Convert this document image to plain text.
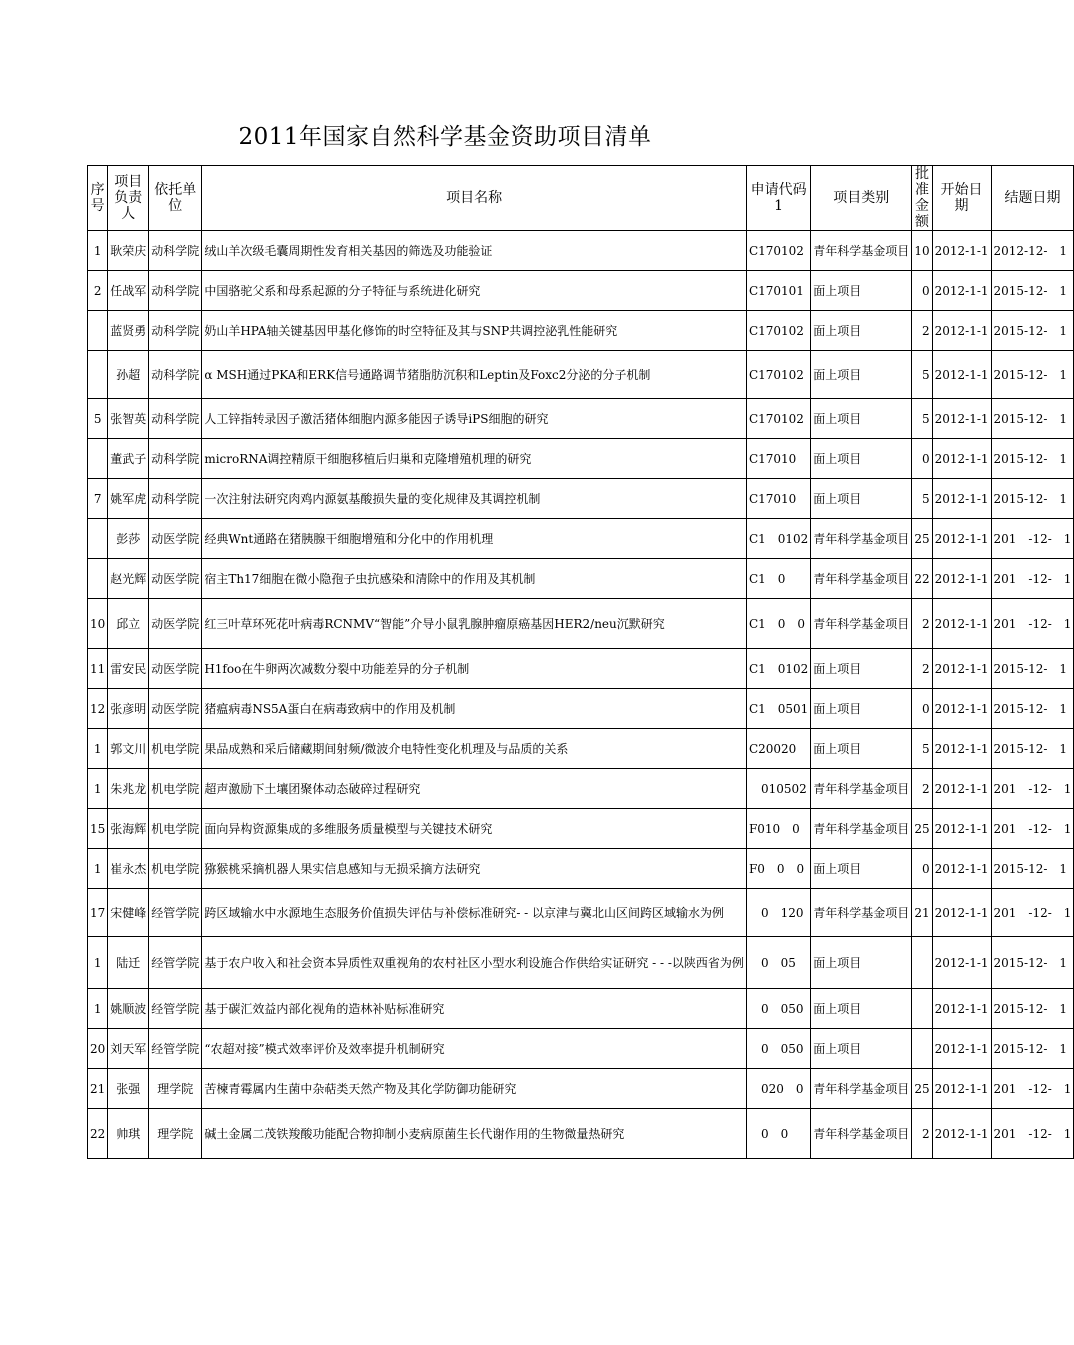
2011年国家自然科学基金资助项目清单
序号	项目负责人	依托单位	项目名称	申请代码1	项目类别	批准金额	开始日期	结题日期
1	耿荣庆	动科学院	绒山羊次级毛囊周期性发育相关基因的筛选及功能验证	C170102	青年科学基金项目	10	2012-1-1	2012-12-　1
2	任战军	动科学院	中国骆驼父系和母系起源的分子特征与系统进化研究	C170101	面上项目	0	2012-1-1	2015-12-　1
	蓝贤勇	动科学院	奶山羊HPA轴关键基因甲基化修饰的时空特征及其与SNP共调控泌乳性能研究	C170102	面上项目	2	2012-1-1	2015-12-　1
	孙超	动科学院	α MSH通过PKA和ERK信号通路调节猪脂肪沉积和Leptin及Foxc2分泌的分子机制	C170102	面上项目	5	2012-1-1	2015-12-　1
5	张智英	动科学院	人工锌指转录因子激活猪体细胞内源多能因子诱导iPS细胞的研究	C170102	面上项目	5	2012-1-1	2015-12-　1
	董武子	动科学院	microRNA调控精原干细胞移植后归巢和克隆增殖机理的研究	C17010	面上项目	0	2012-1-1	2015-12-　1
7	姚军虎	动科学院	一次注射法研究肉鸡内源氨基酸损失量的变化规律及其调控机制	C17010	面上项目	5	2012-1-1	2015-12-　1
	彭莎	动医学院	经典Wnt通路在猪胰腺干细胞增殖和分化中的作用机理	C1　0102	青年科学基金项目	25	2012-1-1	201　-12-　1
	赵光辉	动医学院	宿主Th17细胞在微小隐孢子虫抗感染和清除中的作用及其机制	C1　0	青年科学基金项目	22	2012-1-1	201　-12-　1
10	邱立	动医学院	红三叶草环死花叶病毒RCNMV“智能”介导小鼠乳腺肿瘤原癌基因HER2/neu沉默研究	C1　0　0	青年科学基金项目	2	2012-1-1	201　-12-　1
11	雷安民	动医学院	H1foo在牛卵两次减数分裂中功能差异的分子机制	C1　0102	面上项目	2	2012-1-1	2015-12-　1
12	张彦明	动医学院	猪瘟病毒NS5A蛋白在病毒致病中的作用及机制	C1　0501	面上项目	0	2012-1-1	2015-12-　1
1	郭文川	机电学院	果品成熟和采后储藏期间射频/微波介电特性变化机理及与品质的关系	C20020	面上项目	5	2012-1-1	2015-12-　1
1	朱兆龙	机电学院	超声激励下土壤团聚体动态破碎过程研究	　010502	青年科学基金项目	2	2012-1-1	201　-12-　1
15	张海辉	机电学院	面向异构资源集成的多维服务质量模型与关键技术研究	F010　0	青年科学基金项目	25	2012-1-1	201　-12-　1
1	崔永杰	机电学院	猕猴桃采摘机器人果实信息感知与无损采摘方法研究	F0　0　0	面上项目	0	2012-1-1	2015-12-　1
17	宋健峰	经管学院	跨区域输水中水源地生态服务价值损失评估与补偿标准研究- - 以京津与冀北山区间跨区域输水为例	　0　120	青年科学基金项目	21	2012-1-1	201　-12-　1
1	陆迁	经管学院	基于农户收入和社会资本异质性双重视角的农村社区小型水利设施合作供给实证研究 - - -以陕西省为例	　0　05	面上项目		2012-1-1	2015-12-　1
1	姚顺波	经管学院	基于碳汇效益内部化视角的造林补贴标准研究	　0　050	面上项目		2012-1-1	2015-12-　1
20	刘天军	经管学院	“农超对接”模式效率评价及效率提升机制研究	　0　050	面上项目		2012-1-1	2015-12-　1
21	张强	理学院	苦楝青霉属内生菌中杂萜类天然产物及其化学防御功能研究	　020　0	青年科学基金项目	25	2012-1-1	201　-12-　1
22	帅琪	理学院	碱土金属二茂铁羧酸功能配合物抑制小麦病原菌生长代谢作用的生物微量热研究	　0　0	青年科学基金项目	2	2012-1-1	201　-12-　1
